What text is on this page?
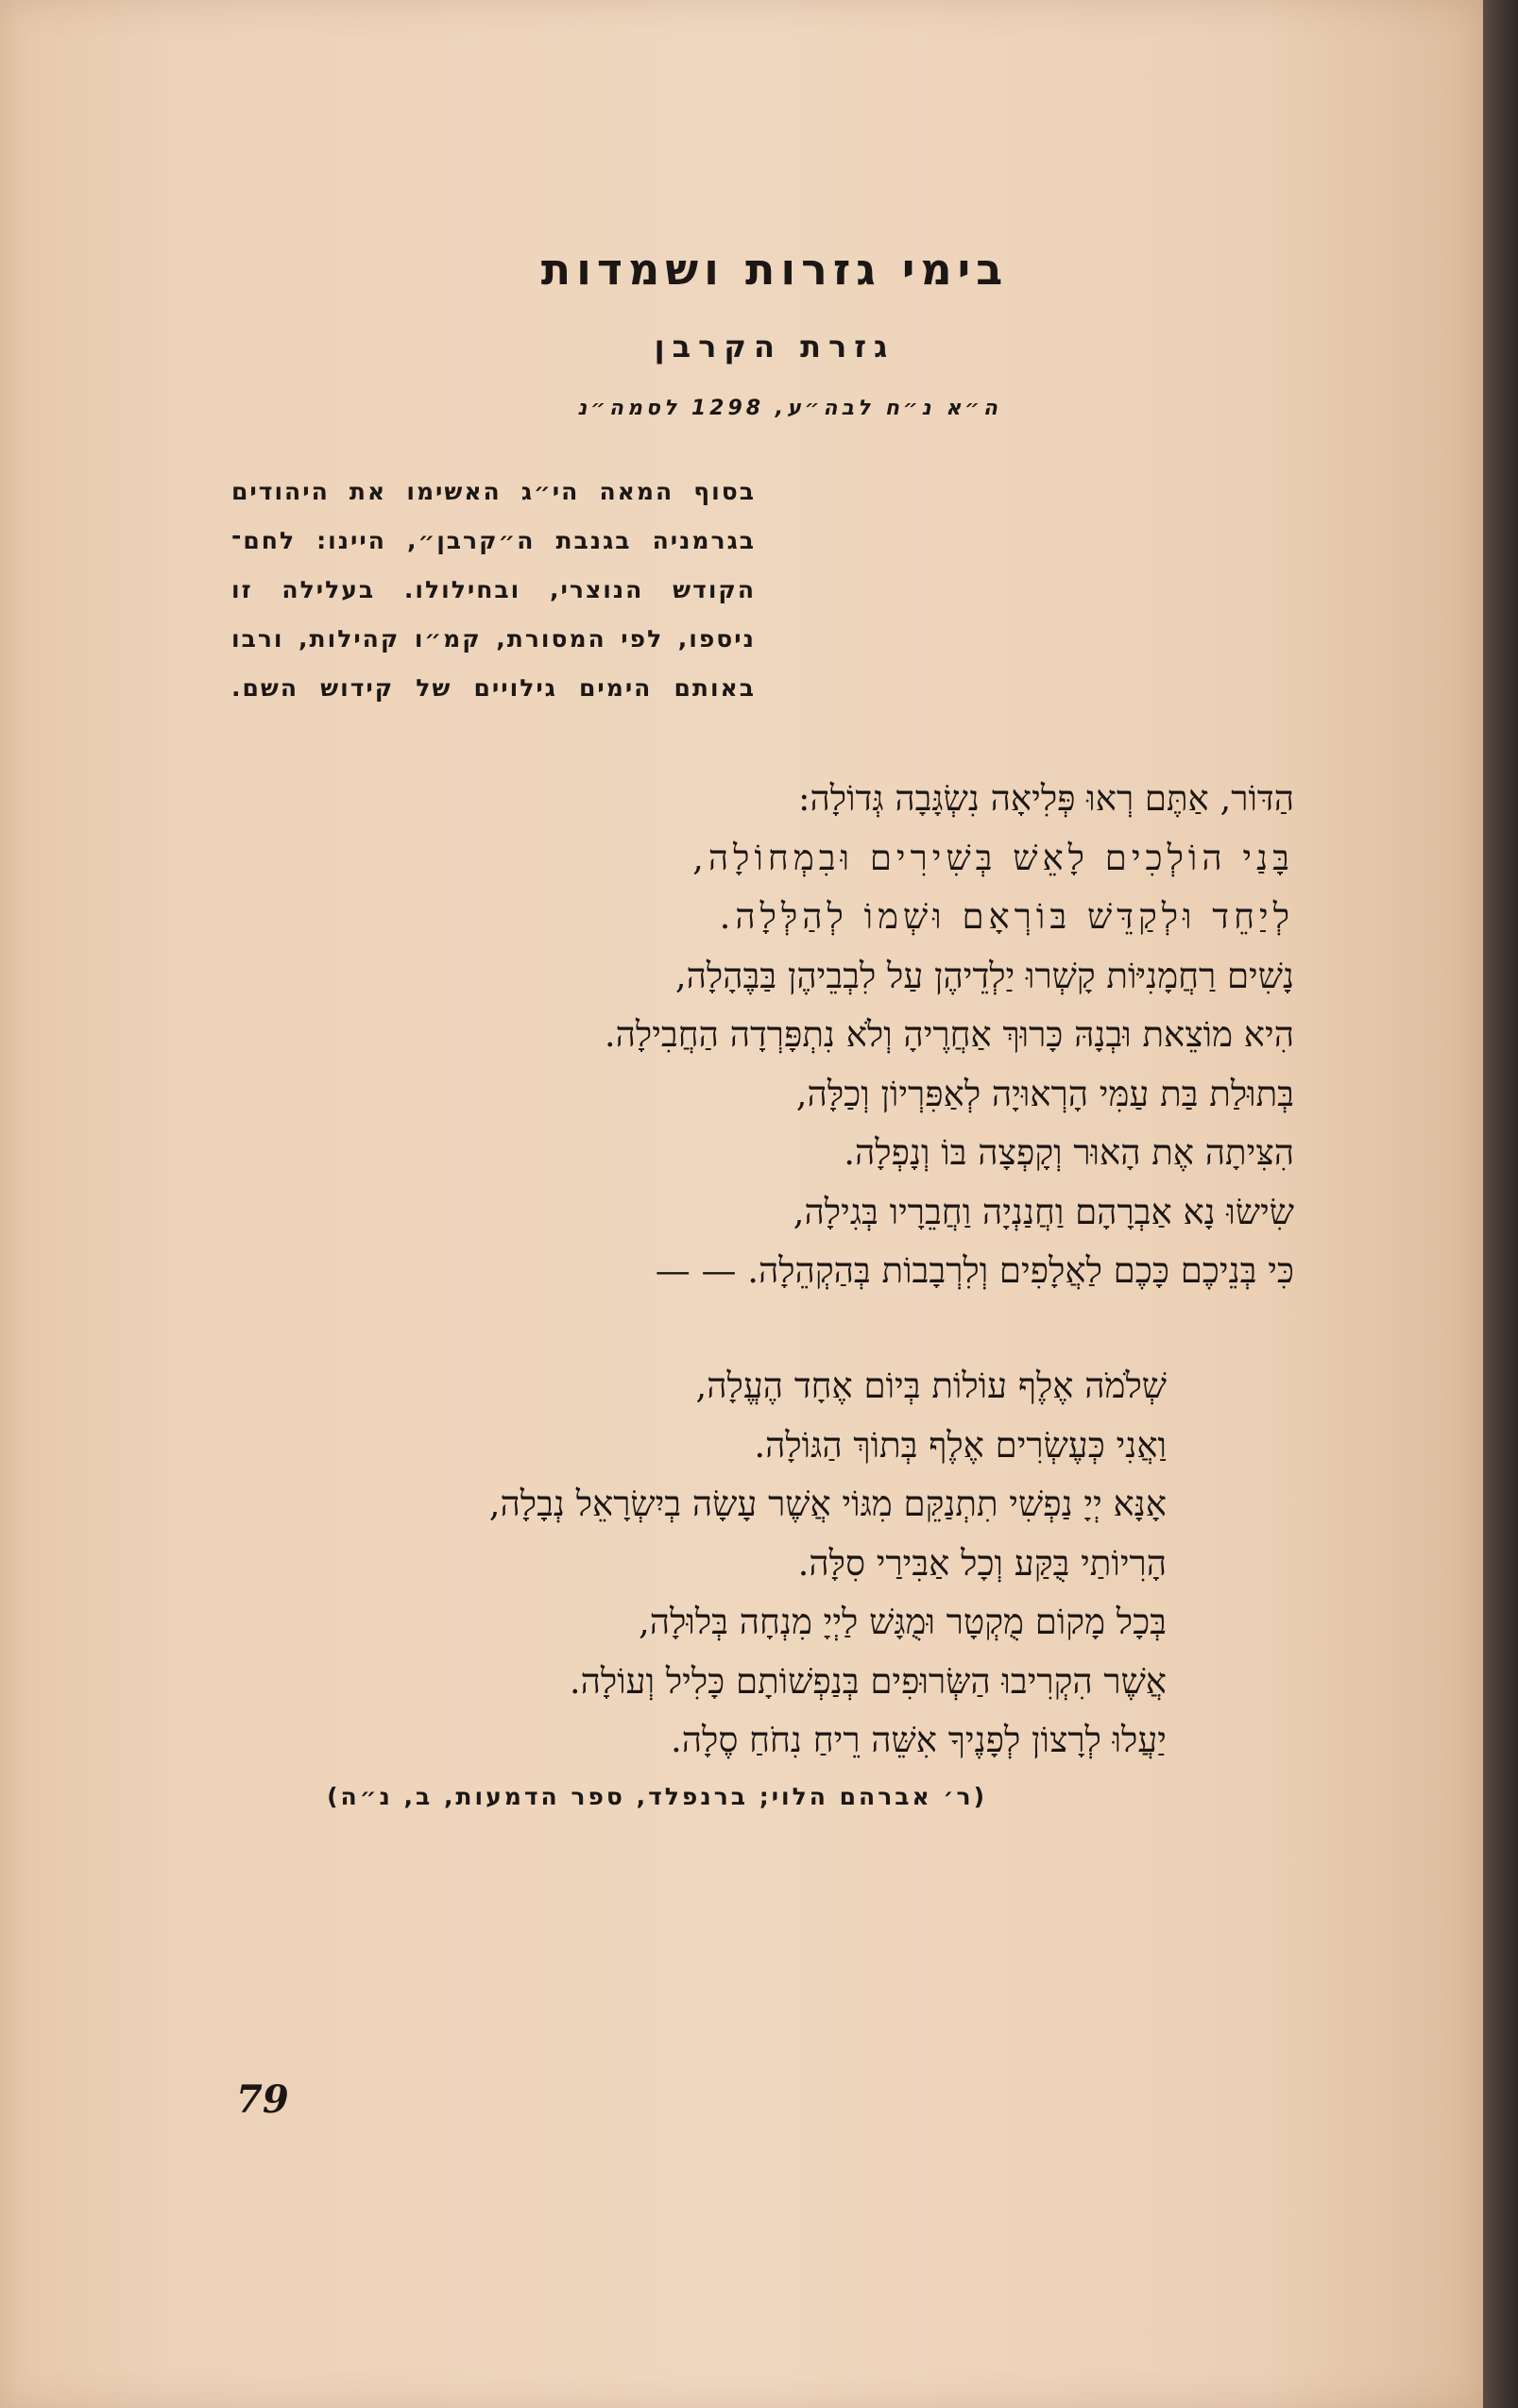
בימי גזרות ושמדות
גזרת הקרבן
ה״א נ״ח לבה״ע, 1298 לסמה״נ
בסוף המאה הי״ג האשימו את היהודים
בגרמניה בגנבת ה״קרבן״, היינו: לחם־
הקודש הנוצרי, ובחילולו. בעלילה זו
ניספו, לפי המסורת, קמ״ו קהילות, ורבו
באותם הימים גילויים של קידוש השם.
הַדּוֹר, אַתֶּם רְאוּ פְּלִיאָה נִשְׂגָּבָה גְּדוֹלָה:
בָּנַי הוֹלְכִים לָאֵשׁ בְּשִׁירִים וּבִמְחוֹלָה,
לְיַחֵד וּלְקַדֵּשׁ בּוֹרְאָם וּשְׁמוֹ לְהַלְּלָה.
נָשִׁים רַחֲמָנִיּוֹת קָשְׁרוּ יַלְדֵיהֶן עַל לִבְבֵיהֶן בַּבֶּהָלָה,
הִיא מוֹצֵאת וּבְנָהּ כָּרוּךְ אַחֲרֶיהָ וְלֹא נִתְפָּרְדָה הַחֲבִילָה.
בְּתוּלַת בַּת עַמִּי הָרְאוּיָה לְאַפִּרְיוֹן וְכַלָּה,
הִצִּיתָה אֶת הָאוּר וְקָפְצָה בּוֹ וְנָפְלָה.
שִׂישׂוּ נָא אַבְרָהָם וַחֲנַנְיָה וַחֲבֵרָיו בְּגִילָה,
כִּי בְּנֵיכֶם כָּכֶם לַאֲלָפִים וְלִרְבָבוֹת בְּהַקְהֵלָה. — —
שְׁלֹמֹה אֶלֶף עוֹלוֹת בְּיוֹם אֶחָד הֶעֱלָה,
וַאֲנִי כְּעֶשְׂרִים אֶלֶף בְּתוֹךְ הַגּוֹלָה.
אָנָּא יְיָ נַפְשִׁי תִתְנַקֵּם מִגּוֹי אֲשֶׁר עָשָׂה בְיִשְׂרָאֵל נְבָלָה,
הָרִיוֹתַי בֻּקַּע וְכָל אַבִּירַי סִלָּה.
בְּכָל מָקוֹם מֻקְטָר וּמֻגָּשׁ לַיְיָ מִנְחָה בְּלוּלָה,
אֲשֶׁר הִקְרִיבוּ הַשְּׂרוּפִים בְּנַפְשׁוֹתָם כָּלִיל וְעוֹלָה.
יַעֲלוּ לְרָצוֹן לְפָנֶיךָ אִשֵּׁה רֵיחַ נִחֹחַ סֶלָה.
(ר׳ אברהם הלוי; ברנפלד, ספר הדמעות, ב, נ״ה)
79
